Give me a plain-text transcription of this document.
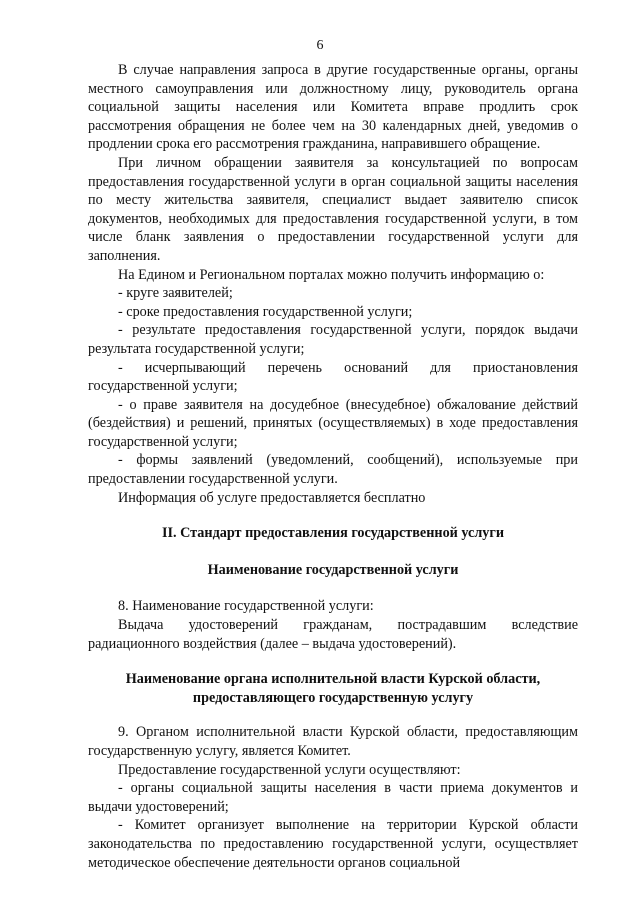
6

В случае направления запроса в другие государственные органы, органы местного самоуправления или должностному лицу, руководитель органа социальной защиты населения или Комитета вправе продлить срок рассмотрения обращения не более чем на 30 календарных дней, уведомив о продлении срока его рассмотрения гражданина, направившего обращение.

При личном обращении заявителя за консультацией по вопросам предоставления государственной услуги в орган социальной защиты населения по месту жительства заявителя, специалист выдает заявителю список документов, необходимых для предоставления государственной услуги, в том числе бланк заявления о предоставлении государственной услуги для заполнения.

На Едином и Региональном порталах можно получить информацию о:

- круге заявителей;

- сроке предоставления государственной услуги;

- результате предоставления государственной услуги, порядок выдачи результата государственной услуги;

- исчерпывающий перечень оснований для приостановления государственной услуги;

- о праве заявителя на досудебное (внесудебное) обжалование действий (бездействия) и решений, принятых (осуществляемых) в ходе предоставления государственной услуги;

- формы заявлений (уведомлений, сообщений), используемые при предоставлении государственной услуги.

Информация об услуге предоставляется бесплатно

II. Стандарт предоставления государственной услуги

Наименование государственной услуги

8. Наименование государственной услуги:

Выдача удостоверений гражданам, пострадавшим вследствие радиационного воздействия (далее – выдача удостоверений).

Наименование органа исполнительной власти Курской области,

предоставляющего государственную услугу

9. Органом исполнительной власти Курской области, предоставляющим государственную услугу, является Комитет.

Предоставление государственной услуги осуществляют:

- органы социальной защиты населения в части приема документов и выдачи удостоверений;

- Комитет организует выполнение на территории Курской области законодательства по предоставлению государственной услуги, осуществляет методическое обеспечение деятельности органов социальной
